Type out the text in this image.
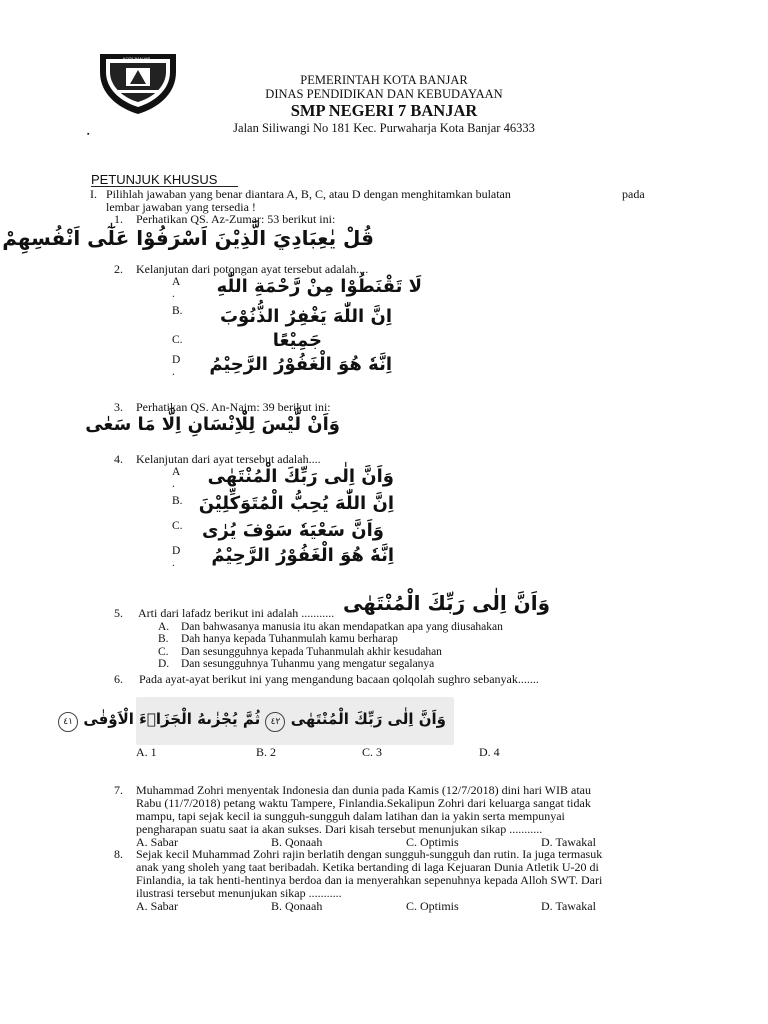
KOTA BANJAR
PEMERINTAH KOTA BANJAR
DINAS PENDIDIKAN DAN KEBUDAYAAN
SMP NEGERI 7 BANJAR
Jalan Siliwangi No 181 Kec. Purwaharja Kota Banjar 46333
▪
PETUNJUK KHUSUS
I. Pilihlah jawaban yang benar diantara A, B, C, atau D dengan menghitamkan bulatan	pada
lembar jawaban yang tersedia !
1. Perhatikan QS. Az-Zumar: 53 berikut ini:
قُلْ يٰعِبَادِيَ الَّذِيْنَ اَسْرَفُوْا عَلٰٓى اَنْفُسِهِمْ
2. Kelanjutan dari potongan ayat tersebut adalah....
A
. لَا تَقْنَطُوْا مِنْ رَّحْمَةِ اللّٰهِ
B.	اِنَّ اللّٰهَ يَغْفِرُ الذُّنُوْبَ
C.	جَمِيْعًا
D
.	اِنَّهٗ هُوَ الْغَفُوْرُ الرَّحِيْمُ
3. Perhatikan QS. An-Najm: 39 berikut ini:
وَاَنْ لَّيْسَ لِلْاِنْسَانِ اِلَّا مَا سَعٰى
4. Kelanjutan dari ayat tersebut adalah....
A
.	وَاَنَّ اِلٰى رَبِّكَ الْمُنْتَهٰى
B. اِنَّ اللّٰهَ يُحِبُّ الْمُتَوَكِّلِيْنَ
C.	وَاَنَّ سَعْيَهٗ سَوْفَ يُرٰى
D
.	اِنَّهٗ هُوَ الْغَفُوْرُ الرَّحِيْمُ
5. Arti dari lafadz berikut ini adalah ........... وَاَنَّ اِلٰى رَبِّكَ الْمُنْتَهٰى
A. Dan bahwasanya manusia itu akan mendapatkan apa yang diusahakan
B. Dah hanya kepada Tuhanmulah kamu berharap
C. Dan sesungguhnya kepada Tuhanmulah akhir kesudahan
D. Dan sesungguhnya Tuhanmu yang mengatur segalanya
6. Pada ayat-ayat berikut ini yang mengandung bacaan qolqolah sughro sebanyak.......
وَاَنَّ اِلٰى رَبِّكَ الْمُنْتَهٰى ٤٢ ثُمَّ يُجْزٰىهُ الْجَزَاۤءَ الْاَوْفٰى ٤١
A. 1	B. 2	C. 3	D. 4
7. Muhammad Zohri menyentak Indonesia dan dunia pada Kamis (12/7/2018) dini hari WIB atau
Rabu (11/7/2018) petang waktu Tampere, Finlandia.Sekalipun Zohri dari keluarga sangat tidak
mampu, tapi sejak kecil ia sungguh-sungguh dalam latihan dan ia yakin serta mempunyai
pengharapan suatu saat ia akan sukses. Dari kisah tersebut menunjukan sikap ...........
A. Sabar	B. Qonaah	C. Optimis	D. Tawakal
8. Sejak kecil Muhammad Zohri rajin berlatih dengan sungguh-sungguh dan rutin. Ia juga termasuk
anak yang sholeh yang taat beribadah. Ketika bertanding di laga Kejuaran Dunia Atletik U-20 di
Finlandia, ia tak henti-hentinya berdoa dan ia menyerahkan sepenuhnya kepada Alloh SWT. Dari
ilustrasi tersebut menunjukan sikap ...........
A. Sabar	B. Qonaah	C. Optimis	D. Tawakal
